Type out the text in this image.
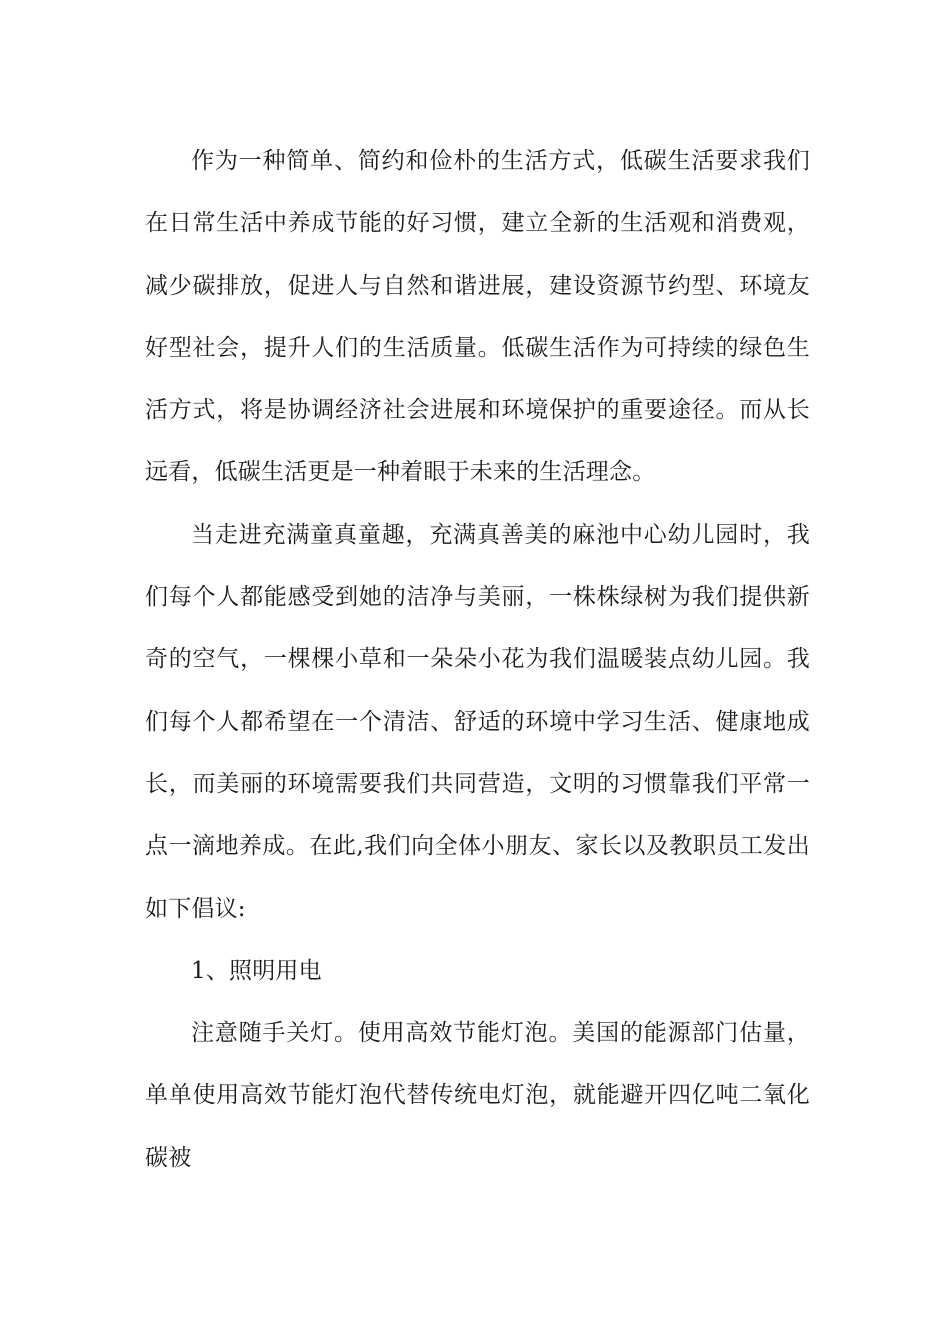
作为一种简单、简约和俭朴的生活方式，低碳生活要求我们在日常生活中养成节能的好习惯，建立全新的生活观和消费观，减少碳排放，促进人与自然和谐进展，建设资源节约型、环境友好型社会，提升人们的生活质量。低碳生活作为可持续的绿色生活方式，将是协调经济社会进展和环境保护的重要途径。而从长远看，低碳生活更是一种着眼于未来的生活理念。

当走进充满童真童趣，充满真善美的麻池中心幼儿园时，我们每个人都能感受到她的洁净与美丽，一株株绿树为我们提供新奇的空气，一棵棵小草和一朵朵小花为我们温暖装点幼儿园。我们每个人都希望在一个清洁、舒适的环境中学习生活、健康地成长，而美丽的环境需要我们共同营造，文明的习惯靠我们平常一点一滴地养成。在此,我们向全体小朋友、家长以及教职员工发出如下倡议:

1、照明用电

注意随手关灯。使用高效节能灯泡。美国的能源部门估量，单单使用高效节能灯泡代替传统电灯泡，就能避开四亿吨二氧化碳被
